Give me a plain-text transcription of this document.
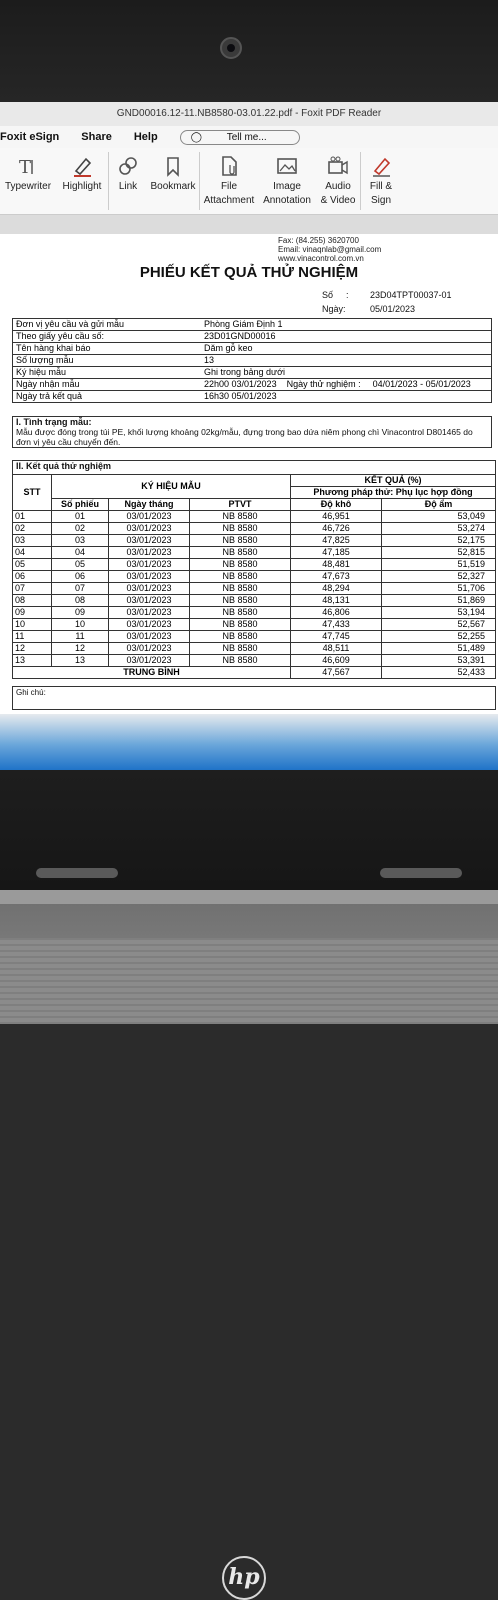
GND00016.12-11.NB8580-03.01.22.pdf - Foxit PDF Reader
Foxit eSign Share Help	◯ Tell me...
T
Typewriter Highlight Link Bookmark	File
Attachment
Image
Annotation
Audio
& Video
Fill &
Sign
Fax: (84.255) 3620700
Email: vinaqnlab@gmail.com
www.vinacontrol.com.vn
PHIẾU KẾT QUẢ THỬ NGHIỆM
Số : 23D04TPT00037-01
Ngày:	05/01/2023
Đơn vị yêu cầu và gửi mẫu	Phòng Giám Định 1
Theo giấy yêu cầu số:	23D01GND00016
Tên hàng khai báo	Dăm gỗ keo
Số lượng mẫu	13
Ký hiệu mẫu	Ghi trong bảng dưới
Ngày nhận mẫu	22h00 03/01/2023 Ngày thử nghiệm : 04/01/2023 - 05/01/2023
Ngày trả kết quả	16h30 05/01/2023
I. Tình trạng mẫu:
Mẫu được đóng trong túi PE, khối lượng khoảng 02kg/mẫu, đựng trong bao dứa niêm phong chì Vinacontrol D801465 do đơn vị yêu cầu chuyển đến.
II. Kết quả thử nghiệm
STT	KÝ HIỆU MẪU			KẾT QUẢ (%)	
				Phương pháp thử: Phụ lục hợp đồng	
	Số phiếu	Ngày tháng	PTVT	Độ khô	Độ ẩm
01	01	03/01/2023	NB 8580	46,951	53,049
02	02	03/01/2023	NB 8580	46,726	53,274
03	03	03/01/2023	NB 8580	47,825	52,175
04	04	03/01/2023	NB 8580	47,185	52,815
05	05	03/01/2023	NB 8580	48,481	51,519
06	06	03/01/2023	NB 8580	47,673	52,327
07	07	03/01/2023	NB 8580	48,294	51,706
08	08	03/01/2023	NB 8580	48,131	51,869
09	09	03/01/2023	NB 8580	46,806	53,194
10	10	03/01/2023	NB 8580	47,433	52,567
11	11	03/01/2023	NB 8580	47,745	52,255
12	12	03/01/2023	NB 8580	48,511	51,489
13	13	03/01/2023	NB 8580	46,609	53,391
TRUNG BÌNH				47,567	52,433
Ghi chú:
hp
